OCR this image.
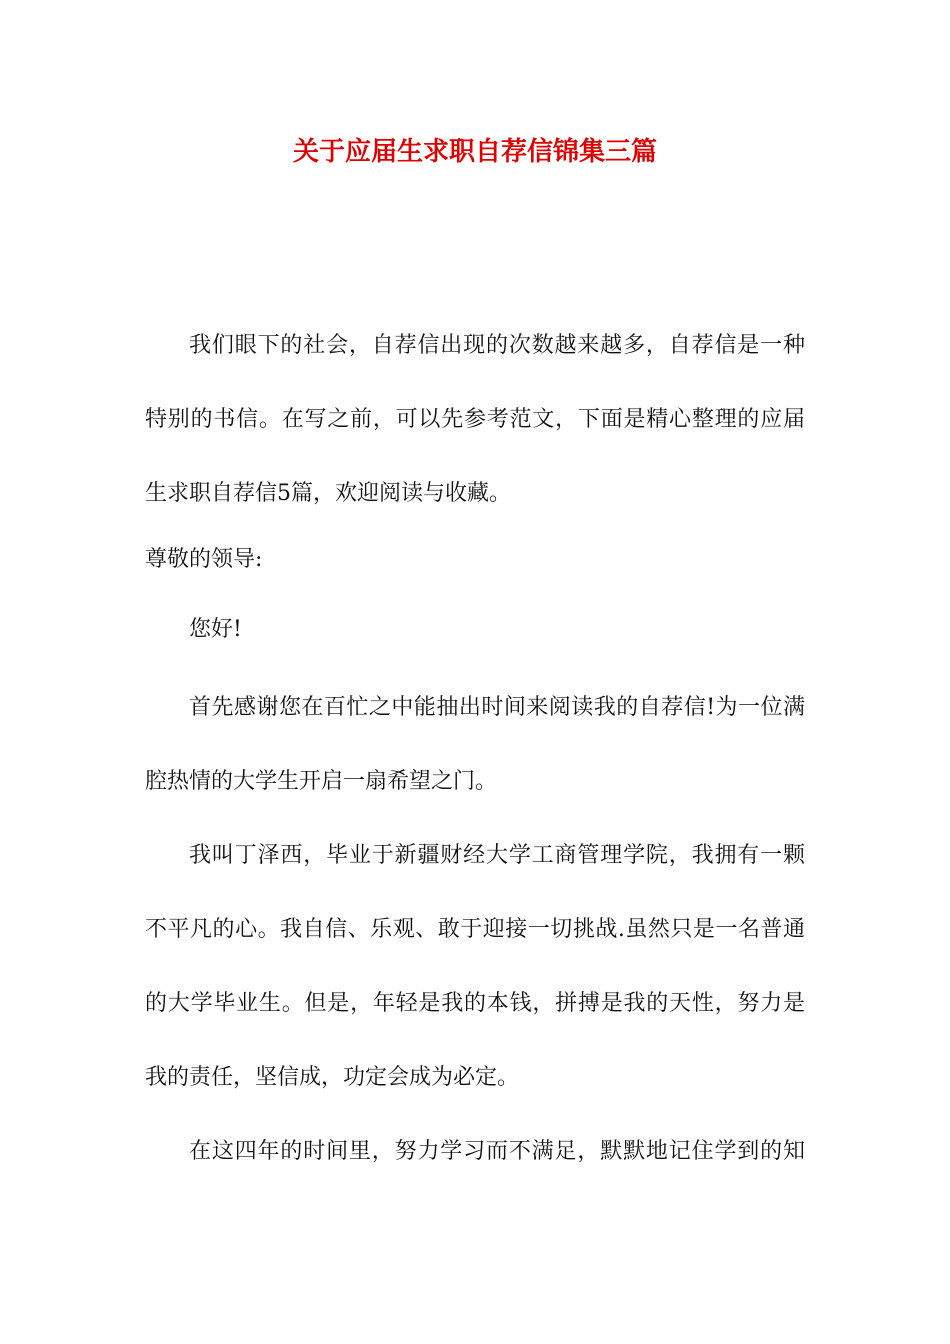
关于应届生求职自荐信锦集三篇
我们眼下的社会，自荐信出现的次数越来越多，自荐信是一种
特别的书信。在写之前，可以先参考范文，下面是精心整理的应届
生求职自荐信5篇，欢迎阅读与收藏。
尊敬的领导:
您好!
首先感谢您在百忙之中能抽出时间来阅读我的自荐信!为一位满
腔热情的大学生开启一扇希望之门。
我叫丁泽西，毕业于新疆财经大学工商管理学院，我拥有一颗
不平凡的心。我自信、乐观、敢于迎接一切挑战.虽然只是一名普通
的大学毕业生。但是，年轻是我的本钱，拼搏是我的天性，努力是
我的责任，坚信成，功定会成为必定。
在这四年的时间里，努力学习而不满足，默默地记住学到的知
